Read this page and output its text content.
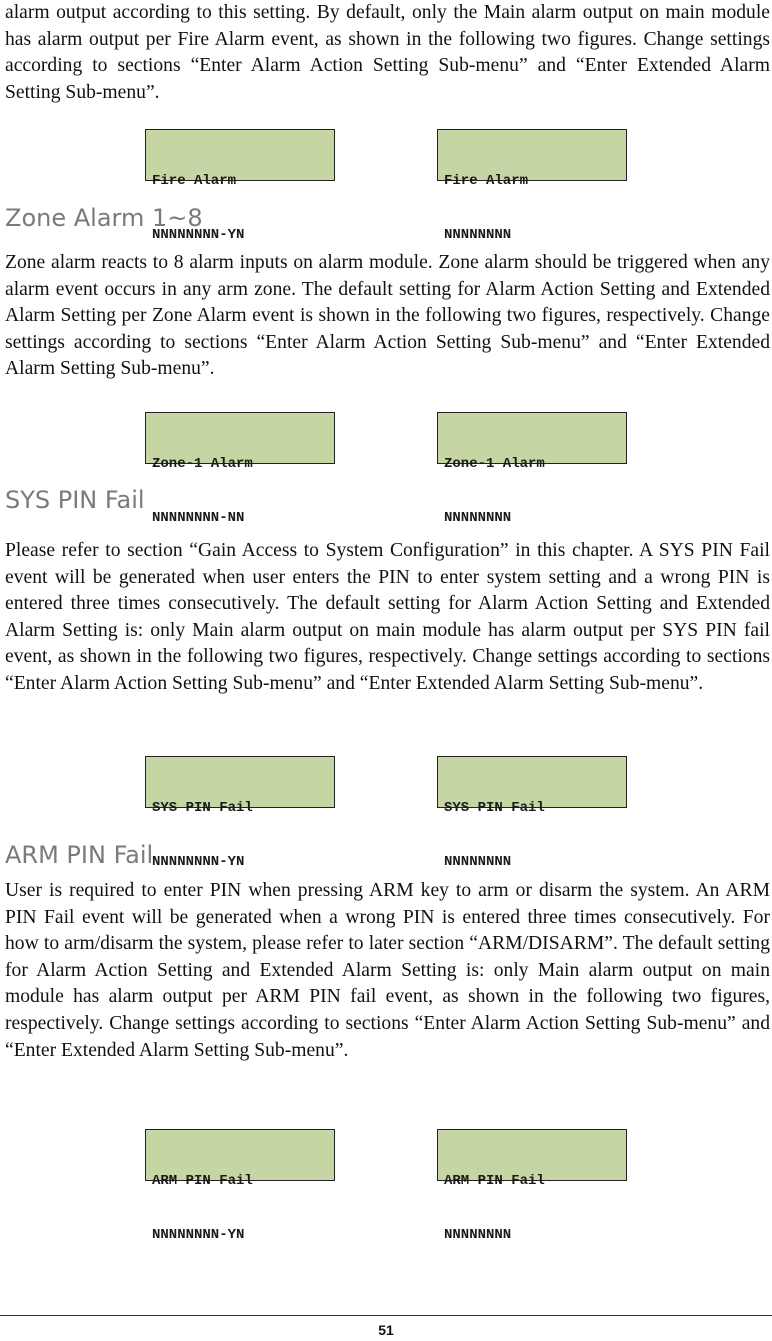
alarm output according to this setting. By default, only the Main alarm output on main module has alarm output per Fire Alarm event, as shown in the following two figures. Change settings according to sections “Enter Alarm Action Setting Sub-menu” and “Enter Extended Alarm Setting Sub-menu”.

Fire Alarm

NNNNNNNN-YN

Fire Alarm

NNNNNNNN

Zone Alarm 1~8

Zone alarm reacts to 8 alarm inputs on alarm module. Zone alarm should be triggered when any alarm event occurs in any arm zone. The default setting for Alarm Action Setting and Extended Alarm Setting per Zone Alarm event is shown in the following two figures, respectively. Change settings according to sections “Enter Alarm Action Setting Sub-menu” and “Enter Extended Alarm Setting Sub-menu”.

Zone-1 Alarm

NNNNNNNN-NN

Zone-1 Alarm

NNNNNNNN

SYS PIN Fail

Please refer to section “Gain Access to System Configuration” in this chapter. A SYS PIN Fail event will be generated when user enters the PIN to enter system setting and a wrong PIN is entered three times consecutively. The default setting for Alarm Action Setting and Extended Alarm Setting is: only Main alarm output on main module has alarm output per SYS PIN fail event, as shown in the following two figures, respectively. Change settings according to sections “Enter Alarm Action Setting Sub-menu” and “Enter Extended Alarm Setting Sub-menu”.

SYS PIN Fail

NNNNNNNN-YN

SYS PIN Fail

NNNNNNNN

ARM PIN Fail

User is required to enter PIN when pressing ARM key to arm or disarm the system. An ARM PIN Fail event will be generated when a wrong PIN is entered three times consecutively. For how to arm/disarm the system, please refer to later section “ARM/DISARM”. The default setting for Alarm Action Setting and Extended Alarm Setting is: only Main alarm output on main module has alarm output per ARM PIN fail event, as shown in the following two figures, respectively. Change settings according to sections “Enter Alarm Action Setting Sub-menu” and “Enter Extended Alarm Setting Sub-menu”.

ARM PIN Fail

NNNNNNNN-YN

ARM PIN Fail

NNNNNNNN

51
